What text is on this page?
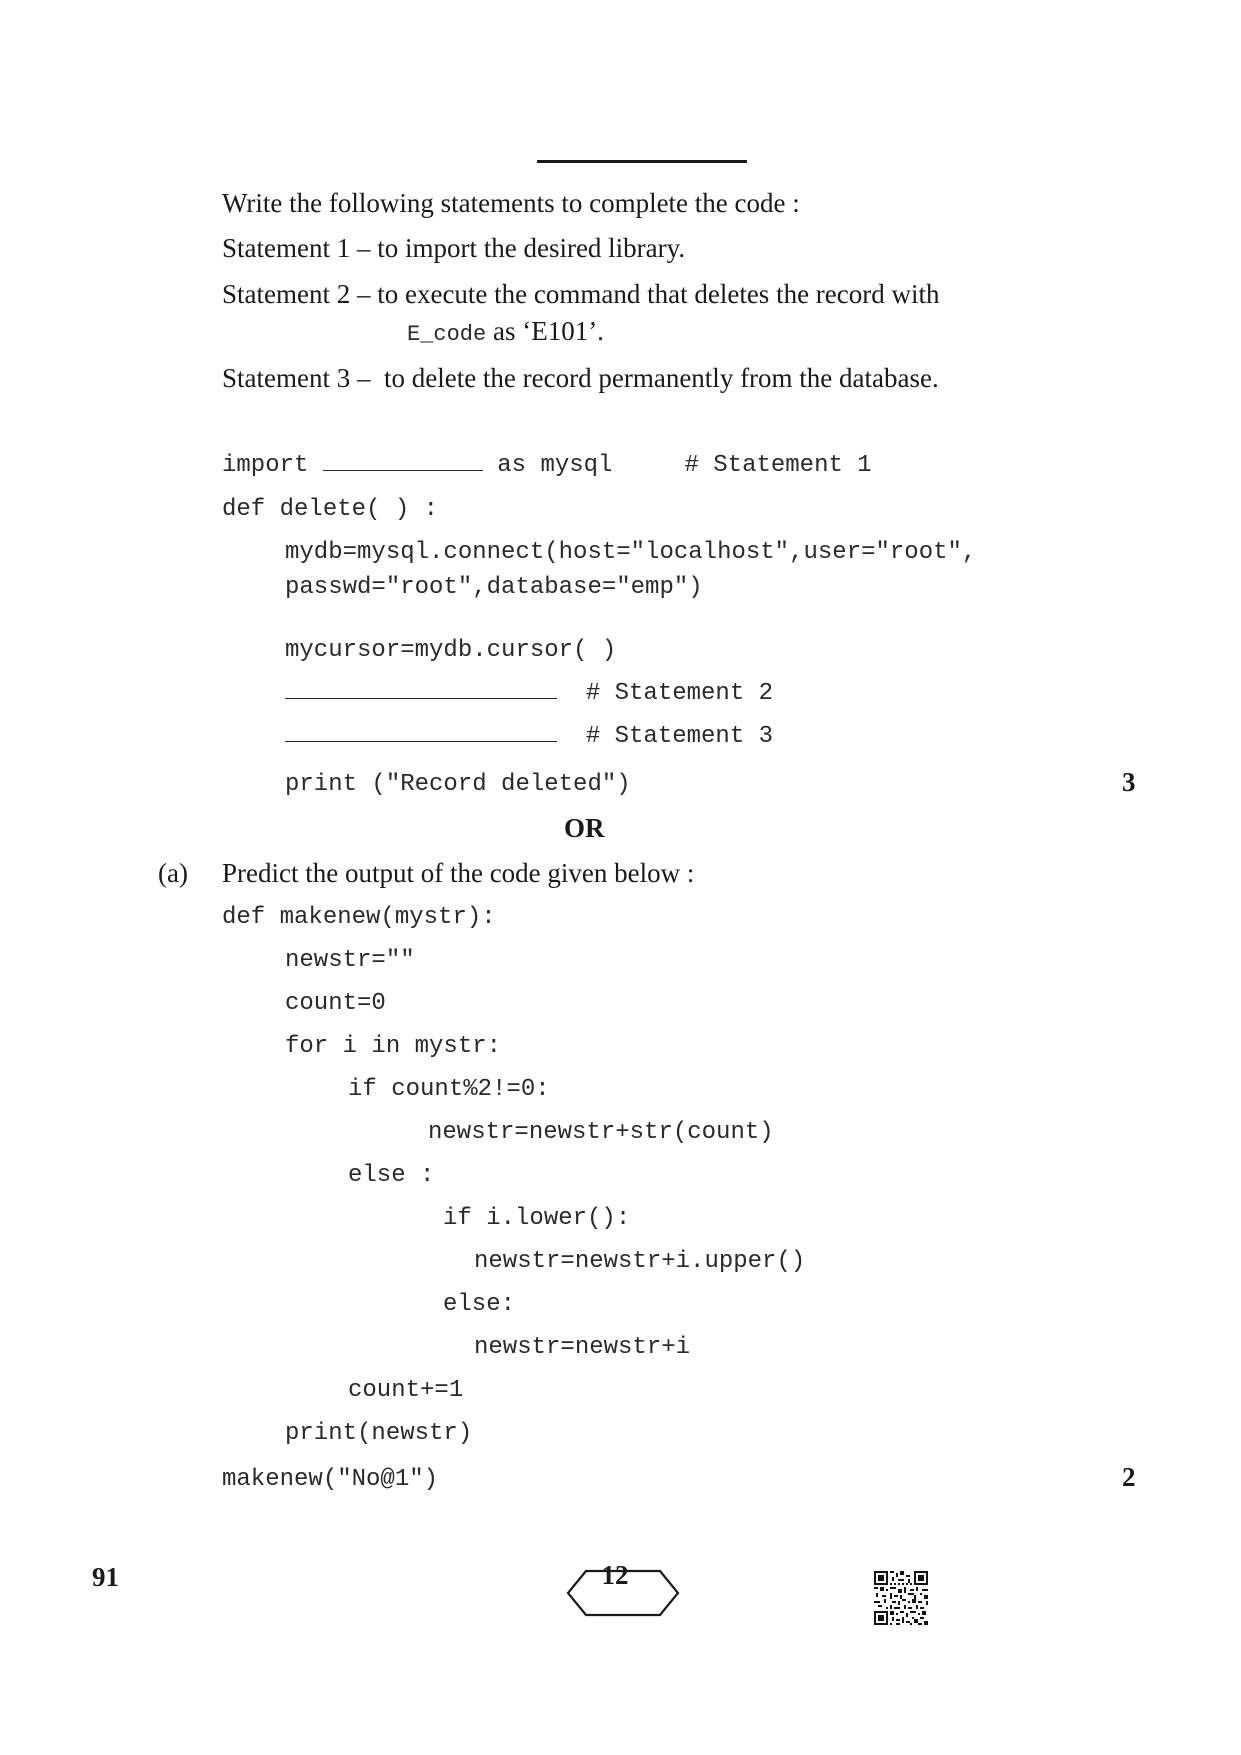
Write the following statements to complete the code :
Statement 1 – to import the desired library.
Statement 2 – to execute the command that deletes the record with
E_code as ‘E101’.
Statement 3 –  to delete the record permanently from the database.
import	as mysql     # Statement 1
def delete( ) :
mydb=mysql.connect(host="localhost",user="root",
passwd="root",database="emp")
mycursor=mydb.cursor( )
# Statement 2
# Statement 3
print ("Record deleted")	3
OR
(a) Predict the output of the code given below :
def makenew(mystr):
newstr=""
count=0
for i in mystr:
if count%2!=0:
newstr=newstr+str(count)
else :
if i.lower():
newstr=newstr+i.upper()
else:
newstr=newstr+i
count+=1
print(newstr)
makenew("No@1")	2
91

	12
